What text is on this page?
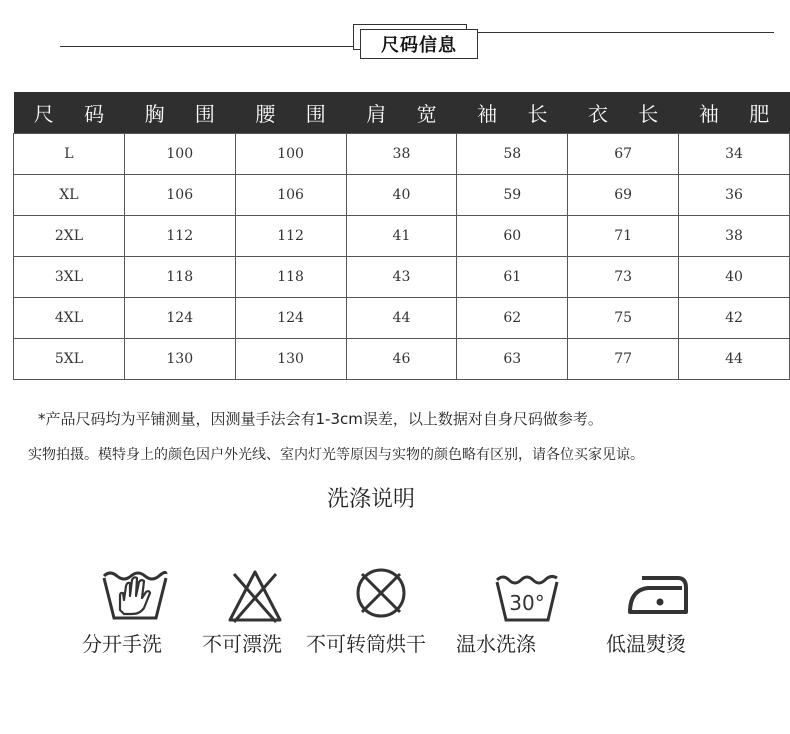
尺码信息
尺 码	胸 围	腰 围	肩 宽	袖 长	衣 长	袖 肥
L	100	100	38	58	67	34
XL	106	106	40	59	69	36
2XL	112	112	41	60	71	38
3XL	118	118	43	61	73	40
4XL	124	124	44	62	75	42
5XL	130	130	46	63	77	44
*产品尺码均为平铺测量，因测量手法会有1-3cm误差，以上数据对自身尺码做参考。
实物拍摄。模特身上的颜色因户外光线、室内灯光等原因与实物的颜色略有区别，请各位买家见谅。
洗涤说明
分开手洗 不可漂洗 不可转筒烘干
30°
温水洗涤	低温熨烫
